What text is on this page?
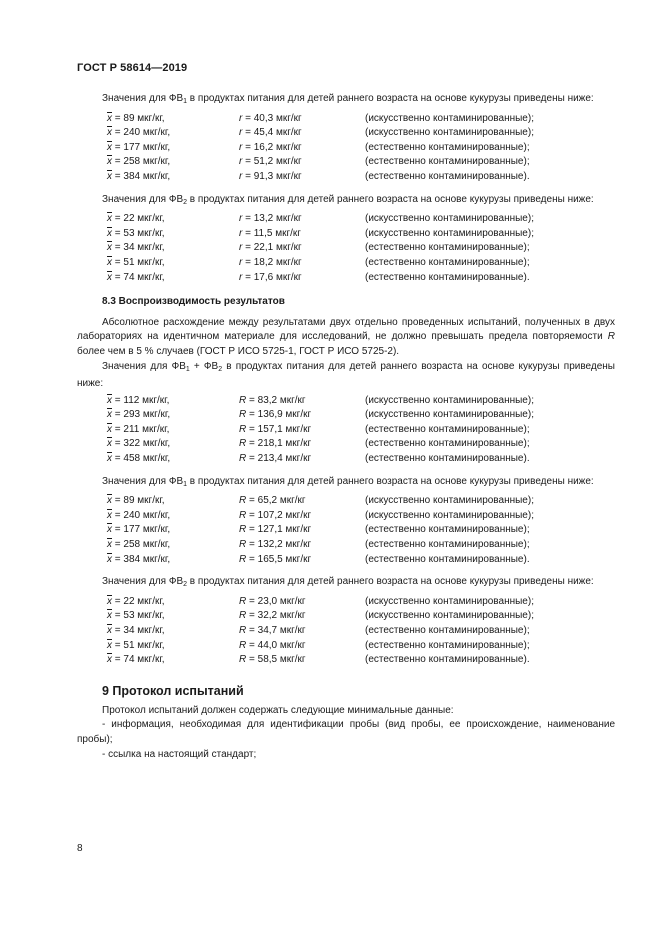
ГОСТ Р 58614—2019

Значения для $ФВ_1$ в продуктах питания для детей раннего возраста на основе кукурузы приведены ниже:

$\overline{x} = 89$ мкг/кг,	r = 40,3 мкг/кг	(искусственно контаминированные);
$\overline{x} = 240$ мкг/кг,	r = 45,4 мкг/кг	(искусственно контаминированные);
$\overline{x} = 177$ мкг/кг,	r = 16,2 мкг/кг	(естественно контаминированные);
$\overline{x} = 258$ мкг/кг,	r = 51,2 мкг/кг	(естественно контаминированные);
$\overline{x} = 384$ мкг/кг,	r = 91,3 мкг/кг	(естественно контаминированные).

Значения для $ФВ_2$ в продуктах питания для детей раннего возраста на основе кукурузы приведены ниже:

$\overline{x} = 22$ мкг/кг,	r = 13,2 мкг/кг	(искусственно контаминированные);
$\overline{x} = 53$ мкг/кг,	r = 11,5 мкг/кг	(искусственно контаминированные);
$\overline{x} = 34$ мкг/кг,	r = 22,1 мкг/кг	(естественно контаминированные);
$\overline{x} = 51$ мкг/кг,	r = 18,2 мкг/кг	(естественно контаминированные);
$\overline{x} = 74$ мкг/кг,	r = 17,6 мкг/кг	(естественно контаминированные).
8.3 Воспроизводимость результатов

Абсолютное расхождение между результатами двух отдельно проведенных испытаний, полученных в двух лабораториях на идентичном материале для исследований, не должно превышать предела повторяемости R более чем в 5 % случаев (ГОСТ Р ИСО 5725-1, ГОСТ Р ИСО 5725-2).

Значения для $ФВ_1 + ФВ_2$ в продуктах питания для детей раннего возраста на основе кукурузы приведены ниже:

$\overline{x} = 112$ мкг/кг,	R = 83,2 мкг/кг	(искусственно контаминированные);
$\overline{x} = 293$ мкг/кг,	R = 136,9 мкг/кг	(искусственно контаминированные);
$\overline{x} = 211$ мкг/кг,	R = 157,1 мкг/кг	(естественно контаминированные);
$\overline{x} = 322$ мкг/кг,	R = 218,1 мкг/кг	(естественно контаминированные);
$\overline{x} = 458$ мкг/кг,	R = 213,4 мкг/кг	(естественно контаминированные).

Значения для $ФВ_1$ в продуктах питания для детей раннего возраста на основе кукурузы приведены ниже:

$\overline{x} = 89$ мкг/кг,	R = 65,2 мкг/кг	(искусственно контаминированные);
$\overline{x} = 240$ мкг/кг,	R = 107,2 мкг/кг	(искусственно контаминированные);
$\overline{x} = 177$ мкг/кг,	R = 127,1 мкг/кг	(естественно контаминированные);
$\overline{x} = 258$ мкг/кг,	R = 132,2 мкг/кг	(естественно контаминированные);
$\overline{x} = 384$ мкг/кг,	R = 165,5 мкг/кг	(естественно контаминированные).

Значения для $ФВ_2$ в продуктах питания для детей раннего возраста на основе кукурузы приведены ниже:

$\overline{x} = 22$ мкг/кг,	R = 23,0 мкг/кг	(искусственно контаминированные);
$\overline{x} = 53$ мкг/кг,	R = 32,2 мкг/кг	(искусственно контаминированные);
$\overline{x} = 34$ мкг/кг,	R = 34,7 мкг/кг	(естественно контаминированные);
$\overline{x} = 51$ мкг/кг,	R = 44,0 мкг/кг	(естественно контаминированные);
$\overline{x} = 74$ мкг/кг,	R = 58,5 мкг/кг	(естественно контаминированные).
9 Протокол испытаний

Протокол испытаний должен содержать следующие минимальные данные:

- информация, необходимая для идентификации пробы (вид пробы, ее происхождение, наименование пробы);

- ссылка на настоящий стандарт;

8
